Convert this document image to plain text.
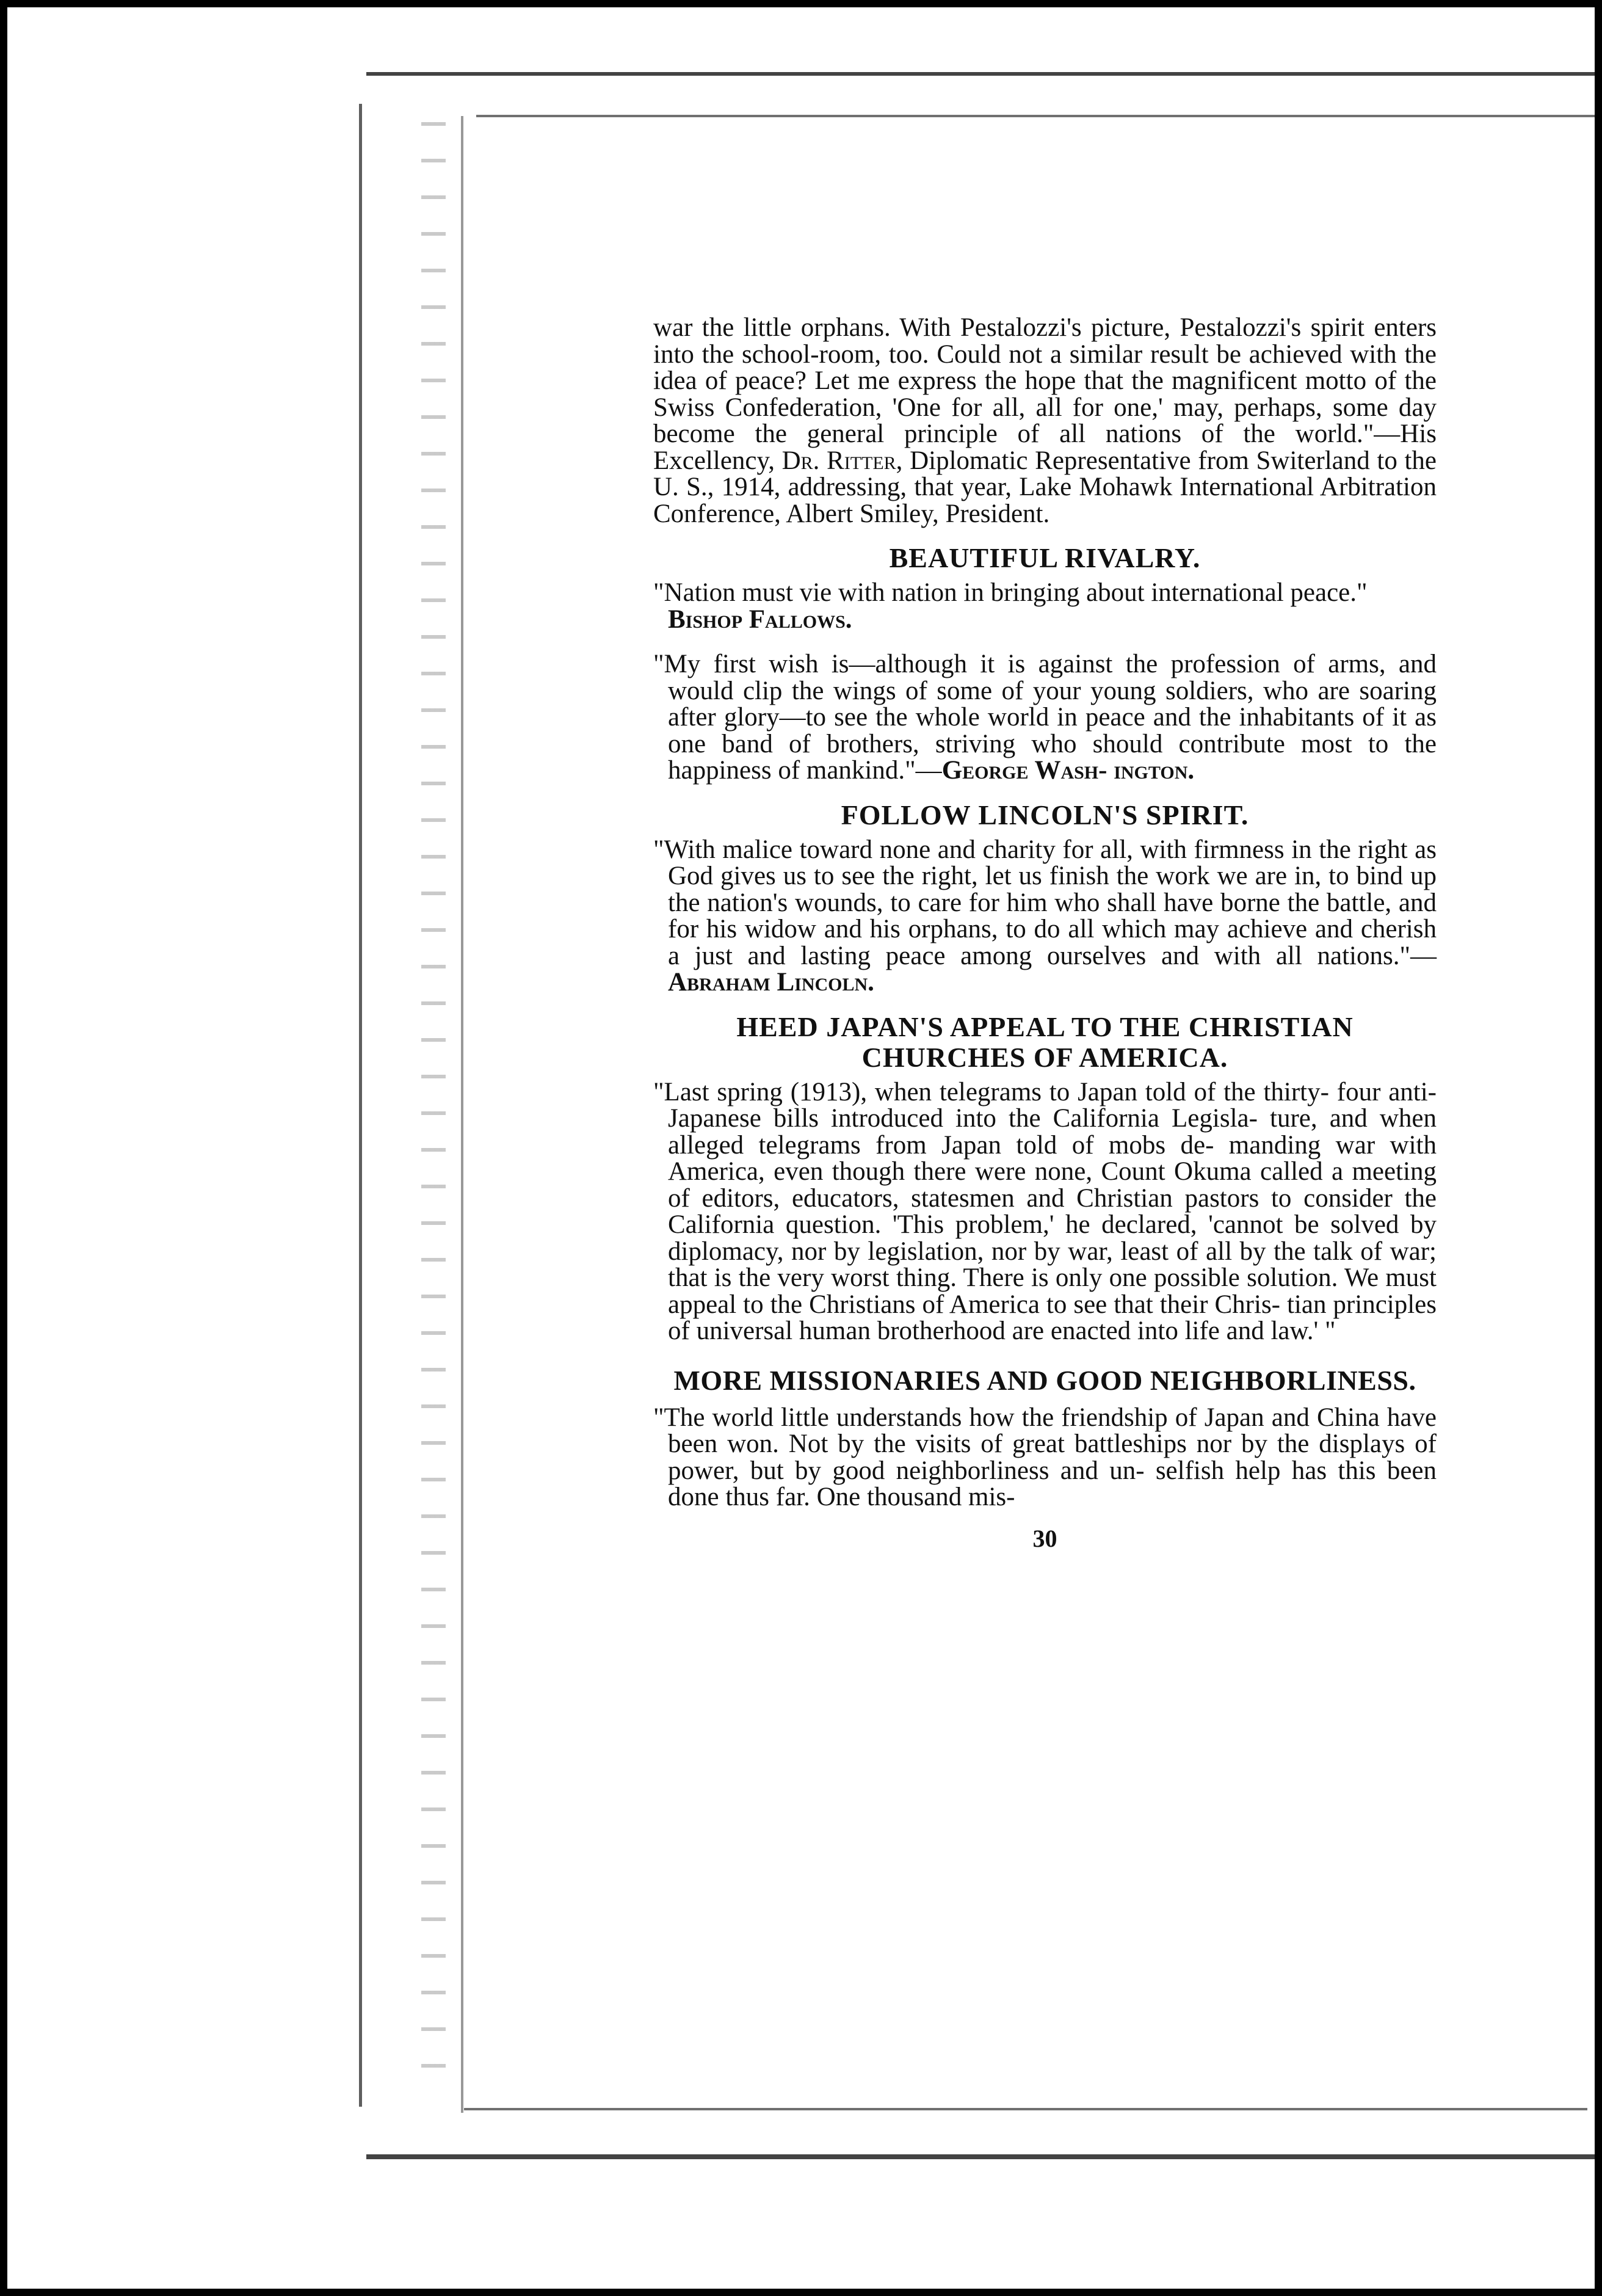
war the little orphans. With Pestalozzi's picture, Pestalozzi's spirit enters into the school-room, too. Could not a similar result be achieved with the idea of peace? Let me express the hope that the magnificent motto of the Swiss Confederation, 'One for all, all for one,' may, perhaps, some day become the general principle of all nations of the world."—His Excellency, Dr. Ritter, Diplomatic Representative from Switerland to the U. S., 1914, addressing, that year, Lake Mohawk International Arbitration Conference, Albert Smiley, President.

BEAUTIFUL RIVALRY.

"Nation must vie with nation in bringing about international peace."

Bishop Fallows.

"My first wish is—although it is against the profession of arms, and would clip the wings of some of your young soldiers, who are soaring after glory—to see the whole world in peace and the inhabitants of it as one band of brothers, striving who should contribute most to the happiness of mankind."—George Wash- ington.

FOLLOW LINCOLN'S SPIRIT.

"With malice toward none and charity for all, with firmness in the right as God gives us to see the right, let us finish the work we are in, to bind up the nation's wounds, to care for him who shall have borne the battle, and for his widow and his orphans, to do all which may achieve and cherish a just and lasting peace among ourselves and with all nations."—Abraham Lincoln.

HEED JAPAN'S APPEAL TO THE CHRISTIAN
CHURCHES OF AMERICA.

"Last spring (1913), when telegrams to Japan told of the thirty- four anti-Japanese bills introduced into the California Legisla- ture, and when alleged telegrams from Japan told of mobs de- manding war with America, even though there were none, Count Okuma called a meeting of editors, educators, statesmen and Christian pastors to consider the California question. 'This problem,' he declared, 'cannot be solved by diplomacy, nor by legislation, nor by war, least of all by the talk of war; that is the very worst thing. There is only one possible solution. We must appeal to the Christians of America to see that their Chris- tian principles of universal human brotherhood are enacted into life and law.' "

MORE MISSIONARIES AND GOOD NEIGHBORLINESS.

"The world little understands how the friendship of Japan and China have been won. Not by the visits of great battleships nor by the displays of power, but by good neighborliness and un- selfish help has this been done thus far. One thousand mis-

30
